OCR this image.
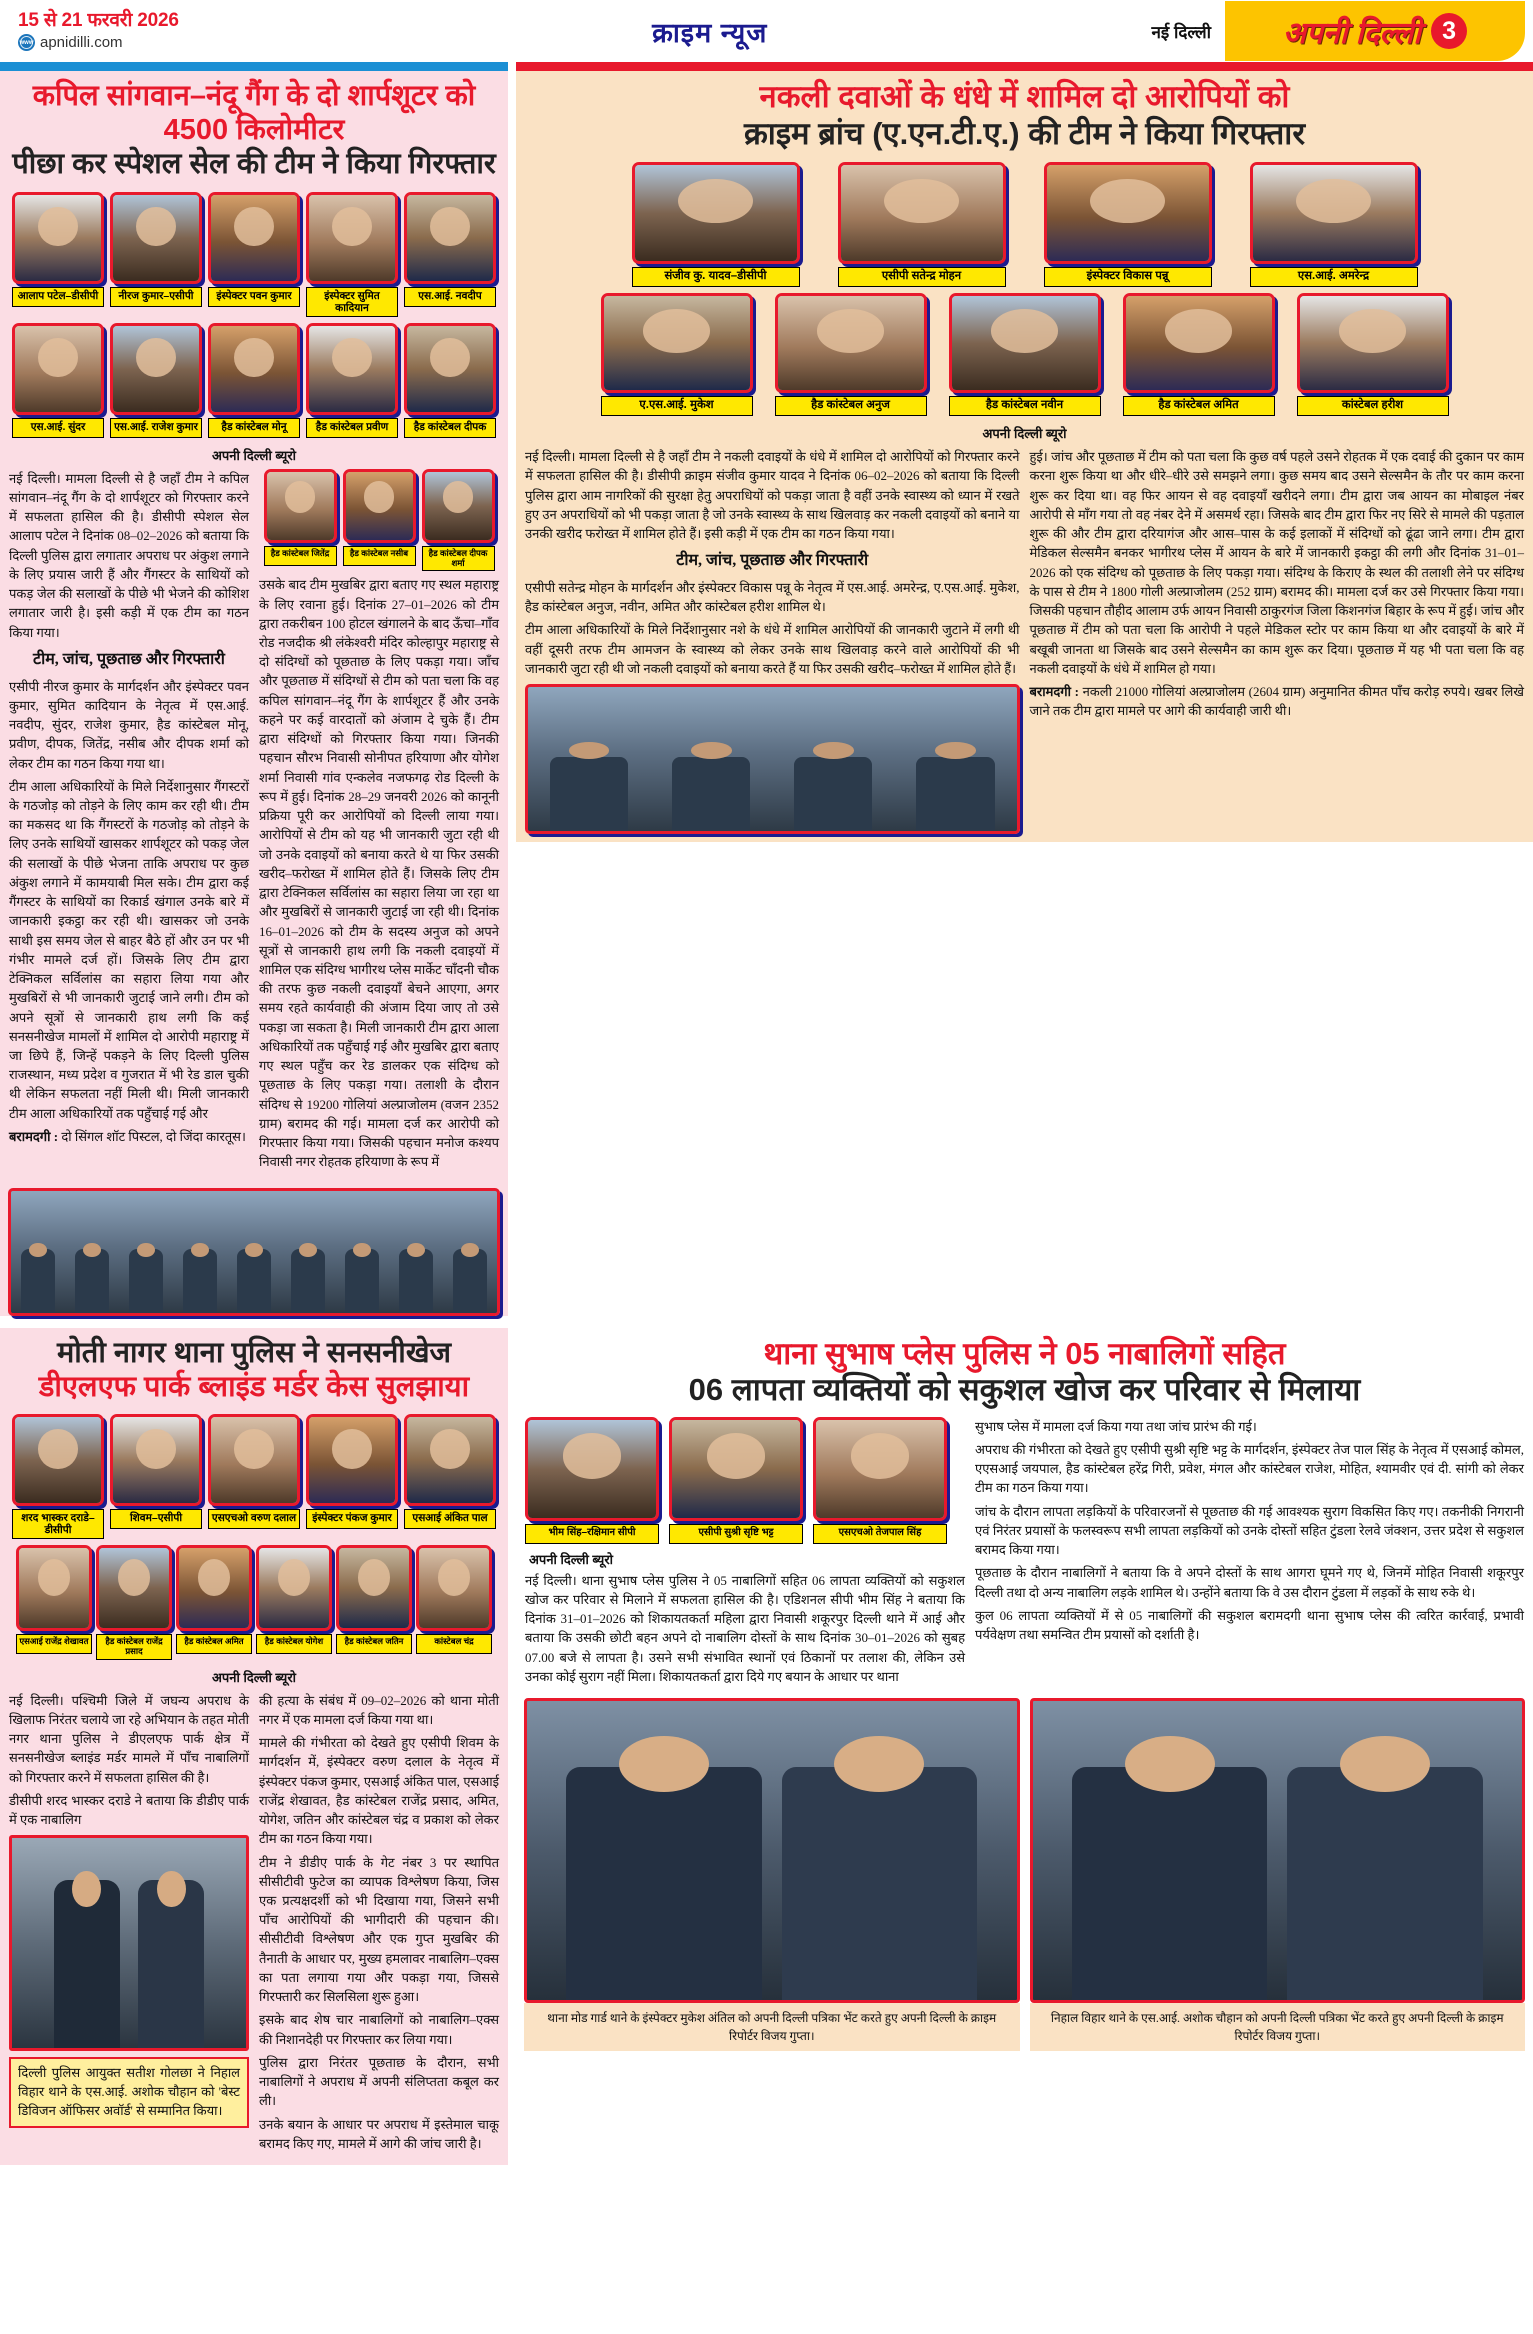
15 से 21 फरवरी 2026
www apnidilli.com	क्राइम न्यूज	नई दिल्ली	अपनी दिल्ली 3
कपिल सांगवान–नंदू गैंग के दो शार्पशूटर को 4500 किलोमीटर
पीछा कर स्पेशल सेल की टीम ने किया गिरफ्तार
आलाप पटेल–डीसीपी	नीरज कुमार–एसीपी	इंस्पेक्टर पवन कुमार	इंस्पेक्टर सुमित कादियान
एस.आई. नवदीप
एस.आई. सुंदर	एस.आई. राजेश कुमार	हैड कांस्टेबल मोनू	हैड कांस्टेबल प्रवीण	हैड कांस्टेबल दीपक
अपनी दिल्ली ब्यूरो

नई दिल्ली। मामला दिल्ली से है जहाँ टीम ने कपिल सांगवान–नंदू गैंग के दो शार्पशूटर को गिरफ्तार करने में सफलता हासिल की है। डीसीपी स्पेशल सेल आलाप पटेल ने दिनांक 08–02–2026 को बताया कि दिल्ली पुलिस द्वारा लगातार अपराध पर अंकुश लगाने के लिए प्रयास जारी हैं और गैंगस्टर के साथियों को पकड़ जेल की सलाखों के पीछे भी भेजने की कोशिश लगातार जारी है। इसी कड़ी में एक टीम का गठन किया गया।

टीम, जांच, पूछताछ और गिरफ्तारी

एसीपी नीरज कुमार के मार्गदर्शन और इंस्पेक्टर पवन कुमार, सुमित कादियान के नेतृत्व में एस.आई. नवदीप, सुंदर, राजेश कुमार, हैड कांस्टेबल मोनू, प्रवीण, दीपक, जितेंद्र, नसीब और दीपक शर्मा को लेकर टीम का गठन किया गया था।

टीम आला अधिकारियों के मिले निर्देशानुसार गैंगस्टरों के गठजोड़ को तोड़ने के लिए काम कर रही थी। टीम का मकसद था कि गैंगस्टरों के गठजोड़ को तोड़ने के लिए उनके साथियों खासकर शार्पशूटर को पकड़ जेल की सलाखों के पीछे भेजना ताकि अपराध पर कुछ अंकुश लगाने में कामयाबी मिल सके। टीम द्वारा कई गैंगस्टर के साथियों का रिकार्ड खंगाल उनके बारे में जानकारी इकट्ठा कर रही थी। खासकर जो उनके साथी इस समय जेल से बाहर बैठे हों और उन पर भी गंभीर मामले दर्ज हों। जिसके लिए टीम द्वारा टेक्निकल सर्विलांस का सहारा लिया गया और मुखबिरों से भी जानकारी जुटाई जाने लगी। टीम को अपने सूत्रों से जानकारी हाथ लगी कि कई सनसनीखेज मामलों में शामिल दो आरोपी महाराष्ट्र में जा छिपे हैं, जिन्हें पकड़ने के लिए दिल्ली पुलिस राजस्थान, मध्य प्रदेश व गुजरात में भी रेड डाल चुकी थी लेकिन सफलता नहीं मिली थी। मिली जानकारी टीम आला अधिकारियों तक पहुँचाई गई और

बरामदगी : दो सिंगल शॉट पिस्टल, दो जिंदा कारतूस।

हैड कांस्टेबल जितेंद्र	हैड कांस्टेबल नसीब	हैड कांस्टेबल दीपक शर्मा

उसके बाद टीम मुखबिर द्वारा बताए गए स्थल महाराष्ट्र के लिए रवाना हुई। दिनांक 27–01–2026 को टीम द्वारा तकरीबन 100 होटल खंगालने के बाद ऊँचा–गाँव रोड नजदीक श्री लंकेश्वरी मंदिर कोल्हापुर महाराष्ट्र से दो संदिग्धों को पूछताछ के लिए पकड़ा गया। जाँच और पूछताछ में संदिग्धों से टीम को पता चला कि वह कपिल सांगवान–नंदू गैंग के शार्पशूटर हैं और उनके कहने पर कई वारदातों को अंजाम दे चुके हैं। टीम द्वारा संदिग्धों को गिरफ्तार किया गया। जिनकी पहचान सौरभ निवासी सोनीपत हरियाणा और योगेश शर्मा निवासी गांव एन्कलेव नजफगढ़ रोड दिल्ली के रूप में हुई। दिनांक 28–29 जनवरी 2026 को कानूनी प्रक्रिया पूरी कर आरोपियों को दिल्ली लाया गया। आरोपियों से टीम को यह भी जानकारी जुटा रही थी जो उनके दवाइयों को बनाया करते थे या फिर उसकी खरीद–फरोख्त में शामिल होते हैं। जिसके लिए टीम द्वारा टेक्निकल सर्विलांस का सहारा लिया जा रहा था और मुखबिरों से जानकारी जुटाई जा रही थी। दिनांक 16–01–2026 को टीम के सदस्य अनुज को अपने सूत्रों से जानकारी हाथ लगी कि नकली दवाइयों में शामिल एक संदिग्ध भागीरथ प्लेस मार्केट चाँदनी चौक की तरफ कुछ नकली दवाइयाँ बेचने आएगा, अगर समय रहते कार्यवाही की अंजाम दिया जाए तो उसे पकड़ा जा सकता है। मिली जानकारी टीम द्वारा आला अधिकारियों तक पहुँचाई गई और मुखबिर द्वारा बताए गए स्थल पहुँच कर रेड डालकर एक संदिग्ध को पूछताछ के लिए पकड़ा गया। तलाशी के दौरान संदिग्ध से 19200 गोलियां अल्प्राजोलम (वजन 2352 ग्राम) बरामद की गई। मामला दर्ज कर आरोपी को गिरफ्तार किया गया। जिसकी पहचान मनोज कश्यप निवासी नगर रोहतक हरियाणा के रूप में

नकली दवाओं के धंधे में शामिल दो आरोपियों को
क्राइम ब्रांच (ए.एन.टी.ए.) की टीम ने किया गिरफ्तार
संजीव कु. यादव–डीसीपी	एसीपी सतेन्द्र मोहन	इंस्पेक्टर विकास पन्नू	एस.आई. अमरेन्द्र
ए.एस.आई. मुकेश	हैड कांस्टेबल अनुज	हैड कांस्टेबल नवीन	हैड कांस्टेबल अमित	कांस्टेबल हरीश
अपनी दिल्ली ब्यूरो

नई दिल्ली। मामला दिल्ली से है जहाँ टीम ने नकली दवाइयों के धंधे में शामिल दो आरोपियों को गिरफ्तार करने में सफलता हासिल की है। डीसीपी क्राइम संजीव कुमार यादव ने दिनांक 06–02–2026 को बताया कि दिल्ली पुलिस द्वारा आम नागरिकों की सुरक्षा हेतु अपराधियों को पकड़ा जाता है वहीं उनके स्वास्थ्य को ध्यान में रखते हुए उन अपराधियों को भी पकड़ा जाता है जो उनके स्वास्थ्य के साथ खिलवाड़ कर नकली दवाइयों को बनाने या उनकी खरीद फरोख्त में शामिल होते हैं। इसी कड़ी में एक टीम का गठन किया गया।

टीम, जांच, पूछताछ और गिरफ्तारी

एसीपी सतेन्द्र मोहन के मार्गदर्शन और इंस्पेक्टर विकास पन्नू के नेतृत्व में एस.आई. अमरेन्द्र, ए.एस.आई. मुकेश, हैड कांस्टेबल अनुज, नवीन, अमित और कांस्टेबल हरीश शामिल थे।

टीम आला अधिकारियों के मिले निर्देशानुसार नशे के धंधे में शामिल आरोपियों की जानकारी जुटाने में लगी थी वहीं दूसरी तरफ टीम आमजन के स्वास्थ्य को लेकर उनके साथ खिलवाड़ करने वाले आरोपियों की भी जानकारी जुटा रही थी जो नकली दवाइयों को बनाया करते हैं या फिर उसकी खरीद–फरोख्त में शामिल होते हैं।

हुई। जांच और पूछताछ में टीम को पता चला कि कुछ वर्ष पहले उसने रोहतक में एक दवाई की दुकान पर काम करना शुरू किया था और धीरे–धीरे उसे समझने लगा। कुछ समय बाद उसने सेल्समैन के तौर पर काम करना शुरू कर दिया था। वह फिर आयन से वह दवाइयाँ खरीदने लगा। टीम द्वारा जब आयन का मोबाइल नंबर आरोपी से माँग गया तो वह नंबर देने में असमर्थ रहा। जिसके बाद टीम द्वारा फिर नए सिरे से मामले की पड़ताल शुरू की और टीम द्वारा दरियागंज और आस–पास के कई इलाकों में संदिग्धों को ढूंढा जाने लगा। टीम द्वारा मेडिकल सेल्समैन बनकर भागीरथ प्लेस में आयन के बारे में जानकारी इकट्ठा की लगी और दिनांक 31–01–2026 को एक संदिग्ध को पूछताछ के लिए पकड़ा गया। संदिग्ध के किराए के स्थल की तलाशी लेने पर संदिग्ध के पास से टीम ने 1800 गोली अल्प्राजोलम (252 ग्राम) बरामद की। मामला दर्ज कर उसे गिरफ्तार किया गया। जिसकी पहचान तौहीद आलाम उर्फ आयन निवासी ठाकुरगंज जिला किशनगंज बिहार के रूप में हुई। जांच और पूछताछ में टीम को पता चला कि आरोपी ने पहले मेडिकल स्टोर पर काम किया था और दवाइयों के बारे में बखूबी जानता था जिसके बाद उसने सेल्समैन का काम शुरू कर दिया। पूछताछ में यह भी पता चला कि वह नकली दवाइयों के धंधे में शामिल हो गया।

बरामदगी : नकली 21000 गोलियां अल्प्राजोलम (2604 ग्राम) अनुमानित कीमत पाँच करोड़ रुपये। खबर लिखे जाने तक टीम द्वारा मामले पर आगे की कार्यवाही जारी थी।

मोती नागर थाना पुलिस ने सनसनीखेज
डीएलएफ पार्क ब्लाइंड मर्डर केस सुलझाया
शरद भास्कर दराडे–डीसीपी
शिवम–एसीपी	एसएचओ वरुण दलाल	इंस्पेक्टर पंकज कुमार	एसआई अंकित पाल
एसआई राजेंद्र शेखावत	हैड कांस्टेबल राजेंद्र प्रसाद
हैड कांस्टेबल अमित	हैड कांस्टेबल योगेश	हैड कांस्टेबल जतिन	कांस्टेबल चंद्र
अपनी दिल्ली ब्यूरो

नई दिल्ली। पश्चिमी जिले में जघन्य अपराध के खिलाफ निरंतर चलाये जा रहे अभियान के तहत मोती नगर थाना पुलिस ने डीएलएफ पार्क क्षेत्र में सनसनीखेज ब्लाइंड मर्डर मामले में पाँच नाबालिगों को गिरफ्तार करने में सफलता हासिल की है।

डीसीपी शरद भास्कर दराडे ने बताया कि डीडीए पार्क में एक नाबालिग

दिल्ली पुलिस आयुक्त सतीश गोलछा ने निहाल विहार थाने के एस.आई. अशोक चौहान को 'बेस्ट डिविजन ऑफिसर अवॉर्ड' से सम्मानित किया।

की हत्या के संबंध में 09–02–2026 को थाना मोती नगर में एक मामला दर्ज किया गया था।

मामले की गंभीरता को देखते हुए एसीपी शिवम के मार्गदर्शन में, इंस्पेक्टर वरुण दलाल के नेतृत्व में इंस्पेक्टर पंकज कुमार, एसआई अंकित पाल, एसआई राजेंद्र शेखावत, हैड कांस्टेबल राजेंद्र प्रसाद, अमित, योगेश, जतिन और कांस्टेबल चंद्र व प्रकाश को लेकर टीम का गठन किया गया।

टीम ने डीडीए पार्क के गेट नंबर 3 पर स्थापित सीसीटीवी फुटेज का व्यापक विश्लेषण किया, जिस एक प्रत्यक्षदर्शी को भी दिखाया गया, जिसने सभी पाँच आरोपियों की भागीदारी की पहचान की। सीसीटीवी विश्लेषण और एक गुप्त मुखबिर की तैनाती के आधार पर, मुख्य हमलावर नाबालिग–एक्स का पता लगाया गया और पकड़ा गया, जिससे गिरफ्तारी कर सिलसिला शुरू हुआ।

इसके बाद शेष चार नाबालिगों को नाबालिग–एक्स की निशानदेही पर गिरफ्तार कर लिया गया।

पुलिस द्वारा निरंतर पूछताछ के दौरान, सभी नाबालिगों ने अपराध में अपनी संलिप्तता कबूल कर ली।

उनके बयान के आधार पर अपराध में इस्तेमाल चाकू बरामद किए गए, मामले में आगे की जांच जारी है।

थाना सुभाष प्लेस पुलिस ने 05 नाबालिगों सहित
06 लापता व्यक्तियों को सकुशल खोज कर परिवार से मिलाया
भीम सिंह–रक्षिमान सीपी	एसीपी सुश्री सृष्टि भट्ट	एसएचओ तेजपाल सिंह
अपनी दिल्ली ब्यूरो

नई दिल्ली। थाना सुभाष प्लेस पुलिस ने 05 नाबालिगों सहित 06 लापता व्यक्तियों को सकुशल खोज कर परिवार से मिलाने में सफलता हासिल की है। एडिशनल सीपी भीम सिंह ने बताया कि दिनांक 31–01–2026 को शिकायतकर्ता महिला द्वारा निवासी शकूरपुर दिल्ली थाने में आई और बताया कि उसकी छोटी बहन अपने दो नाबालिग दोस्तों के साथ दिनांक 30–01–2026 को सुबह 07.00 बजे से लापता है। उसने सभी संभावित स्थानों एवं ठिकानों पर तलाश की, लेकिन उसे उनका कोई सुराग नहीं मिला। शिकायतकर्ता द्वारा दिये गए बयान के आधार पर थाना

सुभाष प्लेस में मामला दर्ज किया गया तथा जांच प्रारंभ की गई।

अपराध की गंभीरता को देखते हुए एसीपी सुश्री सृष्टि भट्ट के मार्गदर्शन, इंस्पेक्टर तेज पाल सिंह के नेतृत्व में एसआई कोमल, एएसआई जयपाल, हैड कांस्टेबल हरेंद्र गिरी, प्रवेश, मंगल और कांस्टेबल राजेश, मोहित, श्यामवीर एवं दी. सांगी को लेकर टीम का गठन किया गया।

जांच के दौरान लापता लड़कियों के परिवारजनों से पूछताछ की गई आवश्यक सुराग विकसित किए गए। तकनीकी निगरानी एवं निरंतर प्रयासों के फलस्वरूप सभी लापता लड़कियों को उनके दोस्तों सहित टुंडला रेलवे जंक्शन, उत्तर प्रदेश से सकुशल बरामद किया गया।

पूछताछ के दौरान नाबालिगों ने बताया कि वे अपने दोस्तों के साथ आगरा घूमने गए थे, जिनमें मोहित निवासी शकूरपुर दिल्ली तथा दो अन्य नाबालिग लड़के शामिल थे। उन्होंने बताया कि वे उस दौरान टुंडला में लड़कों के साथ रुके थे।

कुल 06 लापता व्यक्तियों में से 05 नाबालिगों की सकुशल बरामदगी थाना सुभाष प्लेस की त्वरित कार्रवाई, प्रभावी पर्यवेक्षण तथा समन्वित टीम प्रयासों को दर्शाती है।

थाना मोड गार्ड थाने के इंस्पेक्टर मुकेश अंतिल को अपनी दिल्ली पत्रिका भेंट करते हुए अपनी दिल्ली के क्राइम रिपोर्टर विजय गुप्ता।
निहाल विहार थाने के एस.आई. अशोक चौहान को अपनी दिल्ली पत्रिका भेंट करते हुए अपनी दिल्ली के क्राइम रिपोर्टर विजय गुप्ता।
